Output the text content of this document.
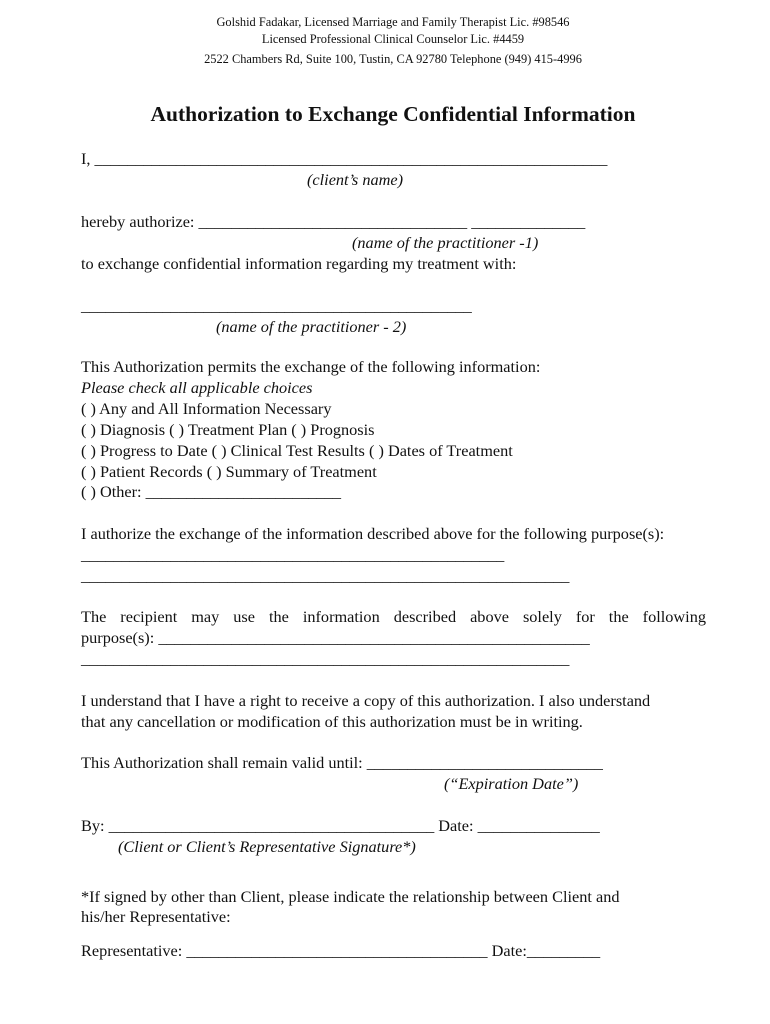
Golshid Fadakar, Licensed Marriage and Family Therapist Lic. #98546
Licensed Professional Clinical Counselor Lic. #4459
2522 Chambers Rd, Suite 100, Tustin, CA 92780 Telephone (949) 415-4996
Authorization to Exchange Confidential Information
I, _______________________________________________________________
(client’s name)
hereby authorize: _________________________________ ______________
(name of the practitioner -1)
to exchange confidential information regarding my treatment with:
________________________________________________
(name of the practitioner - 2)
This Authorization permits the exchange of the following information:
Please check all applicable choices
( ) Any and All Information Necessary
( ) Diagnosis ( ) Treatment Plan ( ) Prognosis
( ) Progress to Date ( ) Clinical Test Results ( ) Dates of Treatment
( ) Patient Records ( ) Summary of Treatment
( ) Other: ________________________
I authorize the exchange of the information described above for the following purpose(s):
____________________________________________________
____________________________________________________________
The recipient may use the information described above solely for the following
purpose(s): _____________________________________________________
____________________________________________________________
I understand that I have a right to receive a copy of this authorization. I also understand
that any cancellation or modification of this authorization must be in writing.
This Authorization shall remain valid until: _____________________________
(“Expiration Date”)
By: ________________________________________ Date: _______________
(Client or Client’s Representative Signature*)
*If signed by other than Client, please indicate the relationship between Client and
his/her Representative:
Representative: _____________________________________ Date:_________
